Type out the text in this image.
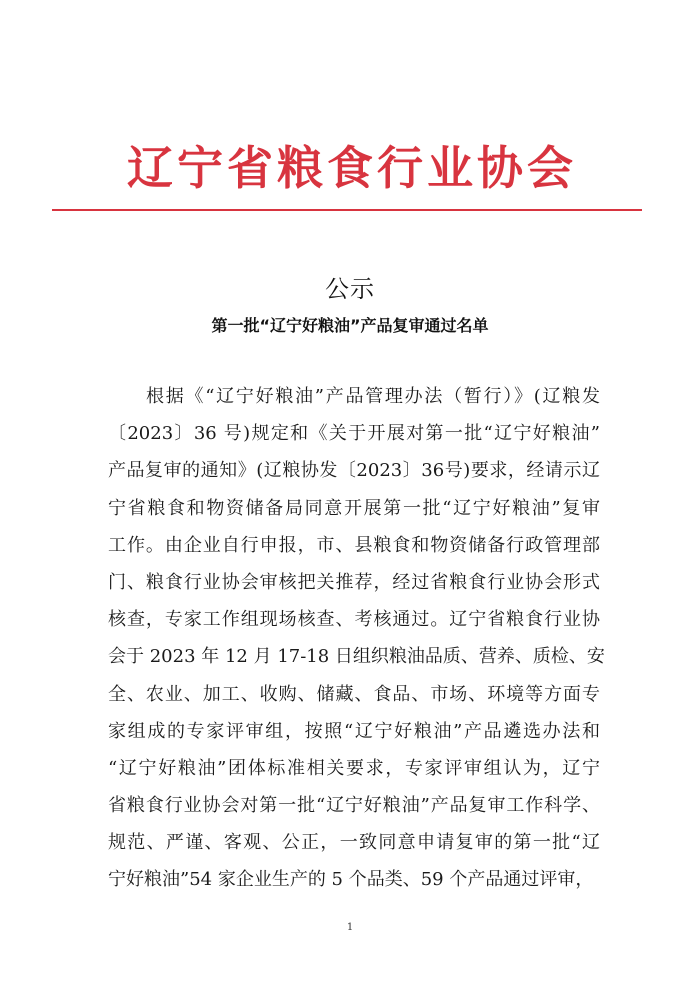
辽宁省粮食行业协会
公示
第一批“辽宁好粮油”产品复审通过名单
根据《“辽宁好粮油”产品管理办法（暂行）》(辽粮发
〔2023〕36 号)规定和《关于开展对第一批“辽宁好粮油”
产品复审的通知》(辽粮协发〔2023〕36号)要求，经请示辽
宁省粮食和物资储备局同意开展第一批“辽宁好粮油”复审
工作。由企业自行申报，市、县粮食和物资储备行政管理部
门、粮食行业协会审核把关推荐，经过省粮食行业协会形式
核查，专家工作组现场核查、考核通过。辽宁省粮食行业协
会于 2023 年 12 月 17-18 日组织粮油品质、营养、质检、安
全、农业、加工、收购、储藏、食品、市场、环境等方面专
家组成的专家评审组，按照“辽宁好粮油”产品遴选办法和
“辽宁好粮油”团体标准相关要求，专家评审组认为，辽宁
省粮食行业协会对第一批“辽宁好粮油”产品复审工作科学、
规范、严谨、客观、公正，一致同意申请复审的第一批“辽
宁好粮油”54 家企业生产的 5 个品类、59 个产品通过评审，
1
